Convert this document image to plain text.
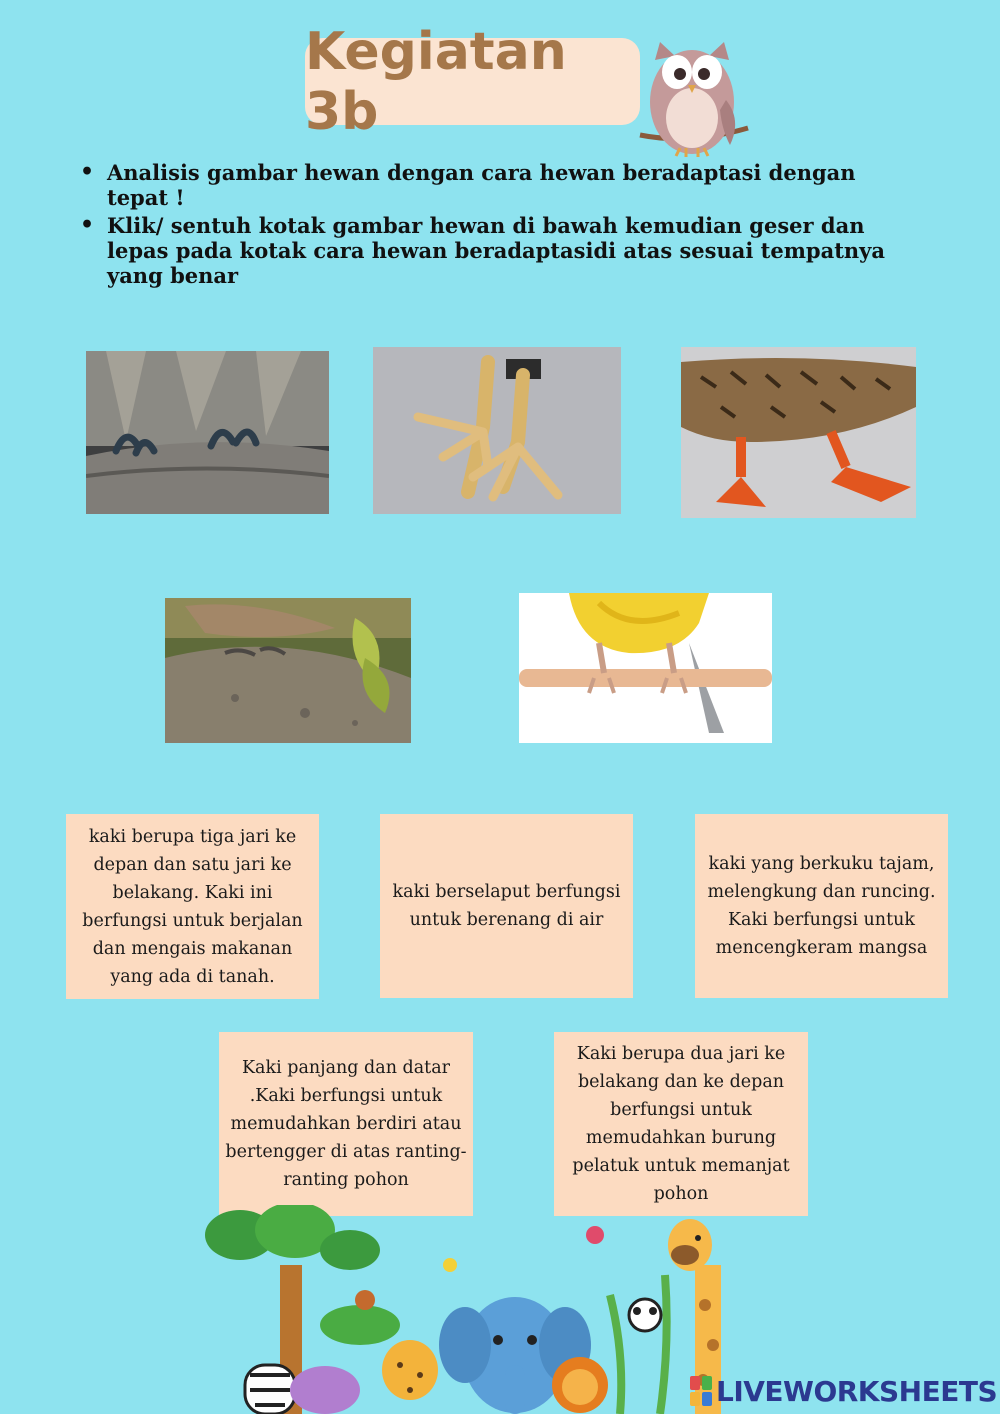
Kegiatan 3b
• Analisis gambar hewan dengan cara hewan beradaptasi dengan tepat !
• Klik/ sentuh kotak gambar hewan di bawah kemudian geser dan lepas pada kotak cara hewan beradaptasidi atas sesuai tempatnya yang benar
kaki berupa tiga jari ke depan dan satu jari ke belakang. Kaki ini berfungsi untuk berjalan dan mengais makanan yang ada di tanah.
kaki berselaput berfungsi untuk berenang di air
kaki yang berkuku tajam, melengkung dan runcing. Kaki berfungsi untuk mencengkeram mangsa
Kaki panjang dan datar .Kaki berfungsi untuk memudahkan berdiri atau bertengger di atas ranting-ranting pohon
Kaki berupa dua jari ke belakang dan ke depan berfungsi untuk memudahkan burung pelatuk untuk memanjat pohon
LIVEWORKSHEETS
